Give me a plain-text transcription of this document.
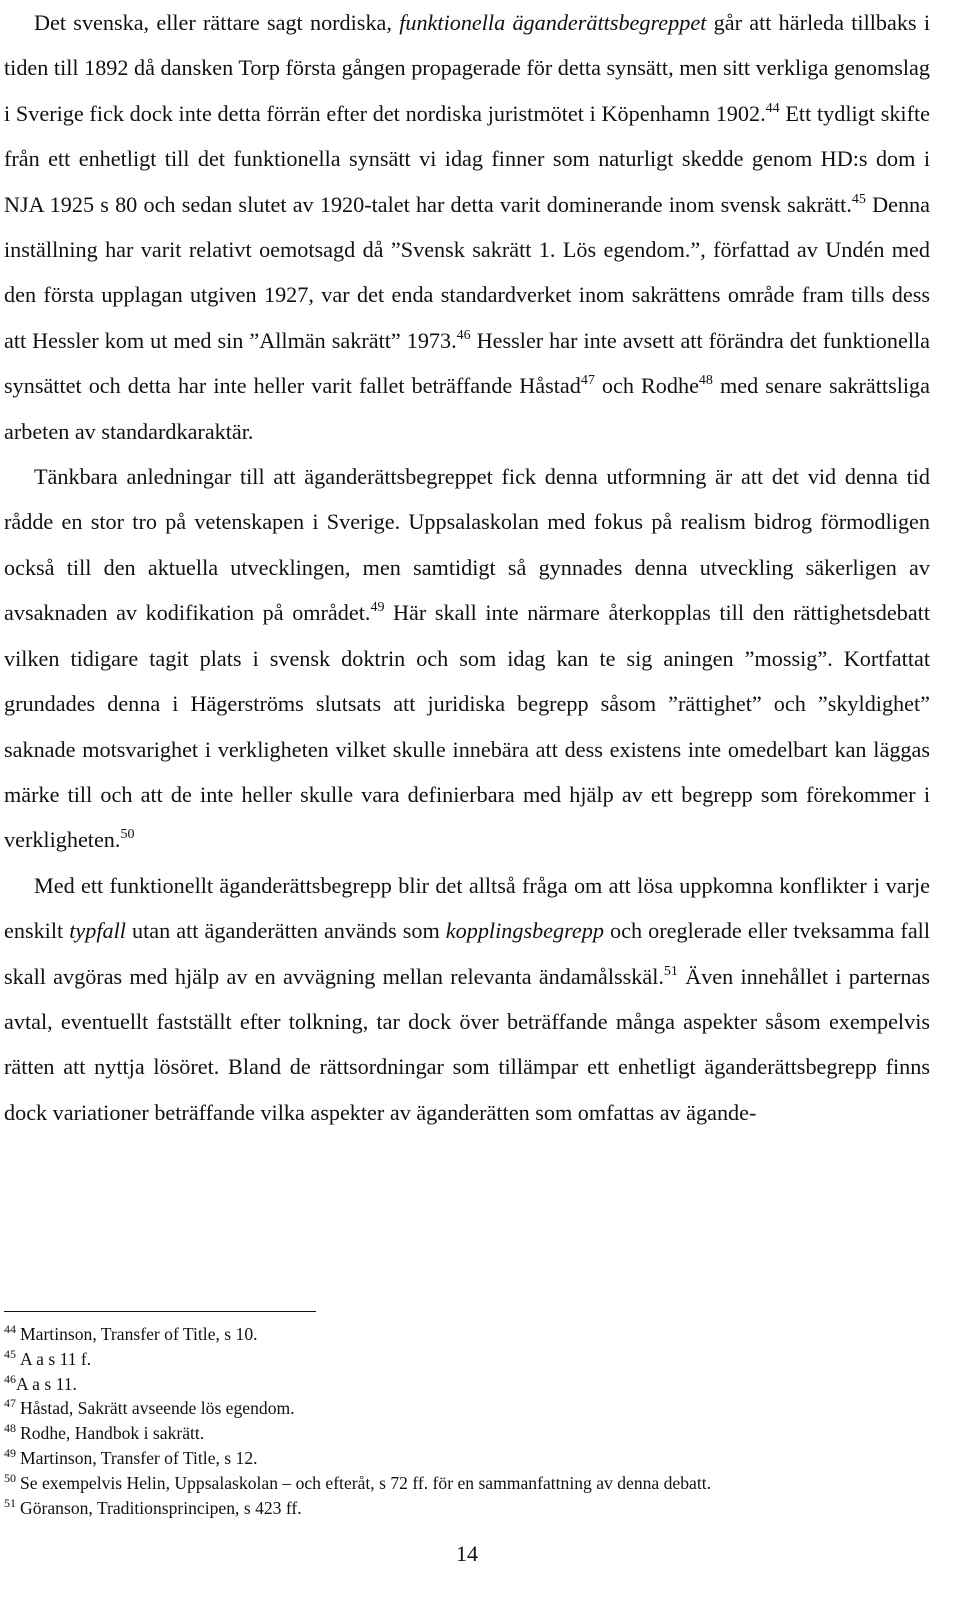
Det svenska, eller rättare sagt nordiska, funktionella äganderättsbegreppet går att härleda tillbaks i tiden till 1892 då dansken Torp första gången propagerade för detta synsätt, men sitt verkliga genomslag i Sverige fick dock inte detta förrän efter det nordiska juristmötet i Köpenhamn 1902.44 Ett tydligt skifte från ett enhetligt till det funktionella synsätt vi idag finner som naturligt skedde genom HD:s dom i NJA 1925 s 80 och sedan slutet av 1920-talet har detta varit dominerande inom svensk sakrätt.$^{45}$ Denna inställning har varit relativt oemotsagd då ”Svensk sakrätt 1. Lös egendom.”, författad av Undén med den första upplagan utgiven 1927, var det enda standardverket inom sakrättens område fram tills dess att Hessler kom ut med sin ”Allmän sakrätt” 1973.46 Hessler har inte avsett att förändra det funktionella synsättet och detta har inte heller varit fallet beträffande Håstad$^{47}$ och Rodhe$^{48}$ med senare sakrättsliga arbeten av standardkaraktär.

Tänkbara anledningar till att äganderättsbegreppet fick denna utformning är att det vid denna tid rådde en stor tro på vetenskapen i Sverige. Uppsalaskolan med fokus på realism bidrog förmodligen också till den aktuella utvecklingen, men samtidigt så gynnades denna utveckling säkerligen av avsaknaden av kodifikation på området.$^{49}$ Här skall inte närmare återkopplas till den rättighetsdebatt vilken tidigare tagit plats i svensk doktrin och som idag kan te sig aningen ”mossig”. Kortfattat grundades denna i Hägerströms slutsats att juridiska begrepp såsom ”rättighet” och ”skyldighet” saknade motsvarighet i verkligheten vilket skulle innebära att dess existens inte omedelbart kan läggas märke till och att de inte heller skulle vara definierbara med hjälp av ett begrepp som förekommer i verkligheten.$^{50}$

Med ett funktionellt äganderättsbegrepp blir det alltså fråga om att lösa uppkomna konflikter i varje enskilt typfall utan att äganderätten används som kopplingsbegrepp och oreglerade eller tveksamma fall skall avgöras med hjälp av en avvägning mellan relevanta ändamålsskäl.$^{51}$ Även innehållet i parternas avtal, eventuellt fastställt efter tolkning, tar dock över beträffande många aspekter såsom exempelvis rätten att nyttja lösöret. Bland de rättsordningar som tillämpar ett enhetligt äganderättsbegrepp finns dock variationer beträffande vilka aspekter av äganderätten som omfattas av ägande-

$^{44}$ Martinson, Transfer of Title, s 10.
$^{45}$ A a s 11 f.
$^{46}$A a s 11.
$^{47}$ Håstad, Sakrätt avseende lös egendom.
$^{48}$ Rodhe, Handbok i sakrätt.
$^{49}$ Martinson, Transfer of Title, s 12.
$^{50}$ Se exempelvis Helin, Uppsalaskolan – och efteråt, s 72 ff. för en sammanfattning av denna debatt.
$^{51}$ Göranson, Traditionsprincipen, s 423 ff.
14
